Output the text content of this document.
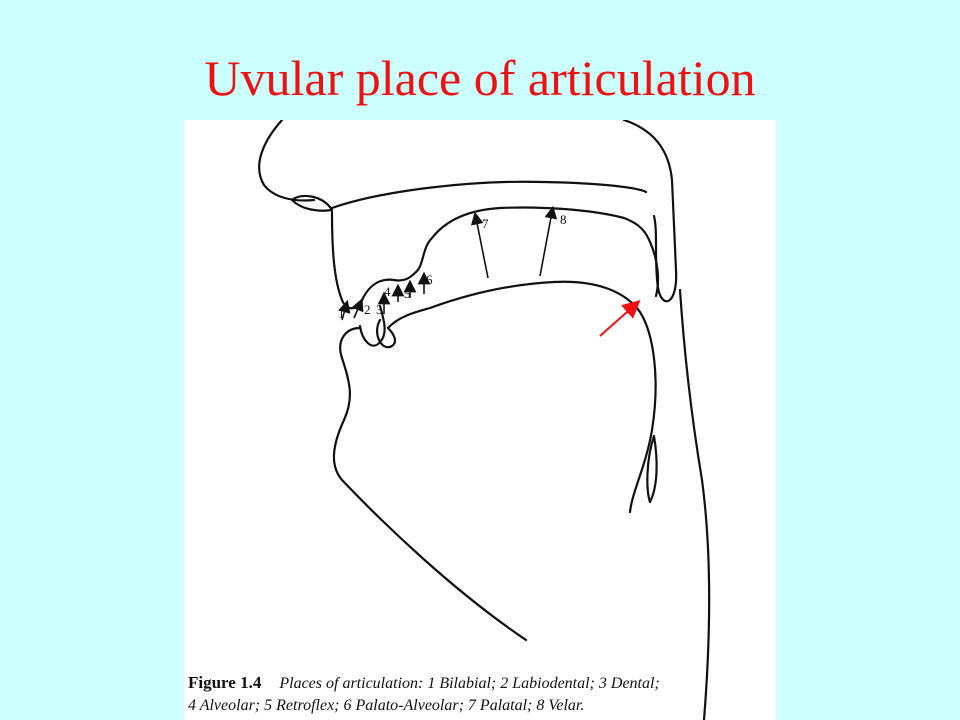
Uvular place of articulation
1 2 3
4 5
6
7	8
Figure 1.4 Places of articulation: 1 Bilabial; 2 Labiodental; 3 Dental;
4 Alveolar; 5 Retroflex; 6 Palato-Alveolar; 7 Palatal; 8 Velar.
